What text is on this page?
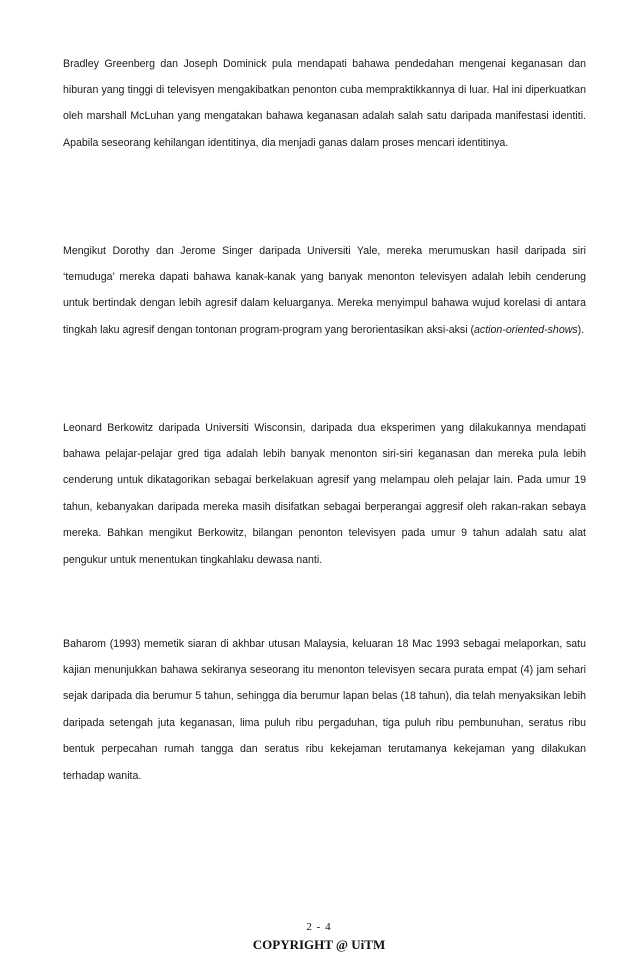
Bradley Greenberg dan Joseph Dominick pula mendapati bahawa pendedahan mengenai keganasan dan hiburan yang tinggi di televisyen mengakibatkan penonton cuba mempraktikkannya di luar. Hal ini diperkuatkan oleh marshall McLuhan yang mengatakan bahawa keganasan adalah salah satu daripada manifestasi identiti. Apabila seseorang kehilangan identitinya, dia menjadi ganas dalam proses mencari identitinya.

Mengikut Dorothy dan Jerome Singer daripada Universiti Yale, mereka merumuskan hasil daripada siri ‘temuduga’ mereka dapati bahawa kanak-kanak yang banyak menonton televisyen adalah lebih cenderung untuk bertindak dengan lebih agresif dalam keluarganya. Mereka menyimpul bahawa wujud korelasi di antara tingkah laku agresif dengan tontonan program-program yang berorientasikan aksi-aksi (action-oriented-shows).

Leonard Berkowitz daripada Universiti Wisconsin, daripada dua eksperimen yang dilakukannya mendapati bahawa pelajar-pelajar gred tiga adalah lebih banyak menonton siri-siri keganasan dan mereka pula lebih cenderung untuk dikatagorikan sebagai berkelakuan agresif yang melampau oleh pelajar lain. Pada umur 19 tahun, kebanyakan daripada mereka masih disifatkan sebagai berperangai aggresif oleh rakan-rakan sebaya mereka. Bahkan mengikut Berkowitz, bilangan penonton televisyen pada umur 9 tahun adalah satu alat pengukur untuk menentukan tingkahlaku dewasa nanti.

Baharom (1993) memetik siaran di akhbar utusan Malaysia, keluaran 18 Mac 1993 sebagai melaporkan, satu kajian menunjukkan bahawa sekiranya seseorang itu menonton televisyen secara purata empat (4) jam sehari sejak daripada dia berumur 5 tahun, sehingga dia berumur lapan belas (18 tahun), dia telah menyaksikan lebih daripada setengah juta keganasan, lima puluh ribu pergaduhan, tiga puluh ribu pembunuhan, seratus ribu bentuk perpecahan rumah tangga dan seratus ribu kekejaman terutamanya kekejaman yang dilakukan terhadap wanita.

2 - 4
COPYRIGHT @ UiTM
